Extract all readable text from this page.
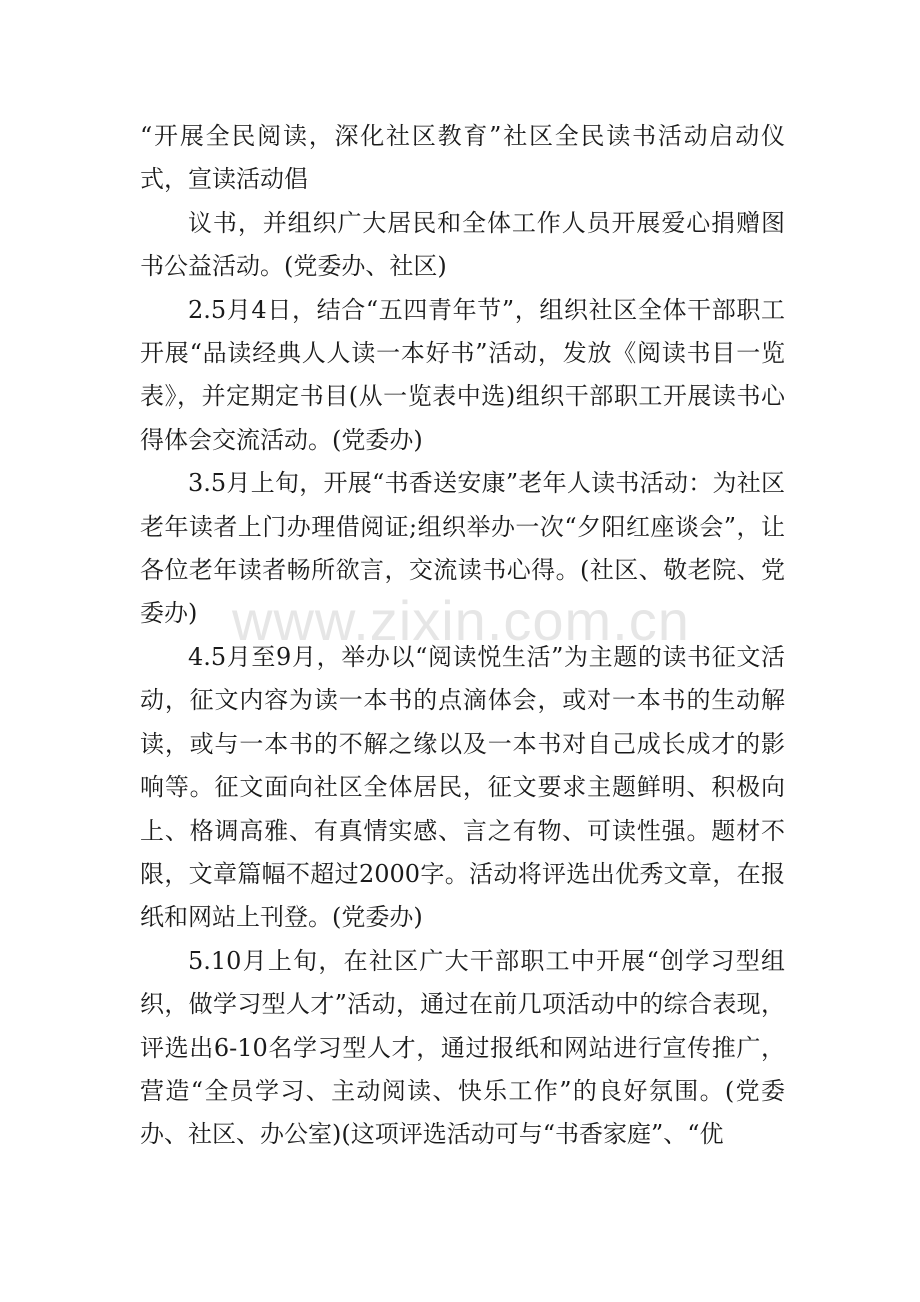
“开展全民阅读，深化社区教育”社区全民读书活动启动仪式，宣读活动倡

议书，并组织广大居民和全体工作人员开展爱心捐赠图书公益活动。(党委办、社区)

2.5月4日，结合“五四青年节”，组织社区全体干部职工开展“品读经典人人读一本好书”活动，发放《阅读书目一览表》，并定期定书目(从一览表中选)组织干部职工开展读书心得体会交流活动。(党委办)

3.5月上旬，开展“书香送安康”老年人读书活动：为社区老年读者上门办理借阅证;组织举办一次“夕阳红座谈会”，让各位老年读者畅所欲言，交流读书心得。(社区、敬老院、党委办)

4.5月至9月，举办以“阅读悦生活”为主题的读书征文活动，征文内容为读一本书的点滴体会，或对一本书的生动解读，或与一本书的不解之缘以及一本书对自己成长成才的影响等。征文面向社区全体居民，征文要求主题鲜明、积极向上、格调高雅、有真情实感、言之有物、可读性强。题材不限，文章篇幅不超过2000字。活动将评选出优秀文章，在报纸和网站上刊登。(党委办)

5.10月上旬，在社区广大干部职工中开展“创学习型组织，做学习型人才”活动，通过在前几项活动中的综合表现，评选出6-10名学习型人才，通过报纸和网站进行宣传推广，营造“全员学习、主动阅读、快乐工作”的良好氛围。(党委办、社区、办公室)(这项评选活动可与“书香家庭”、“优

www.zixin.com.cn
